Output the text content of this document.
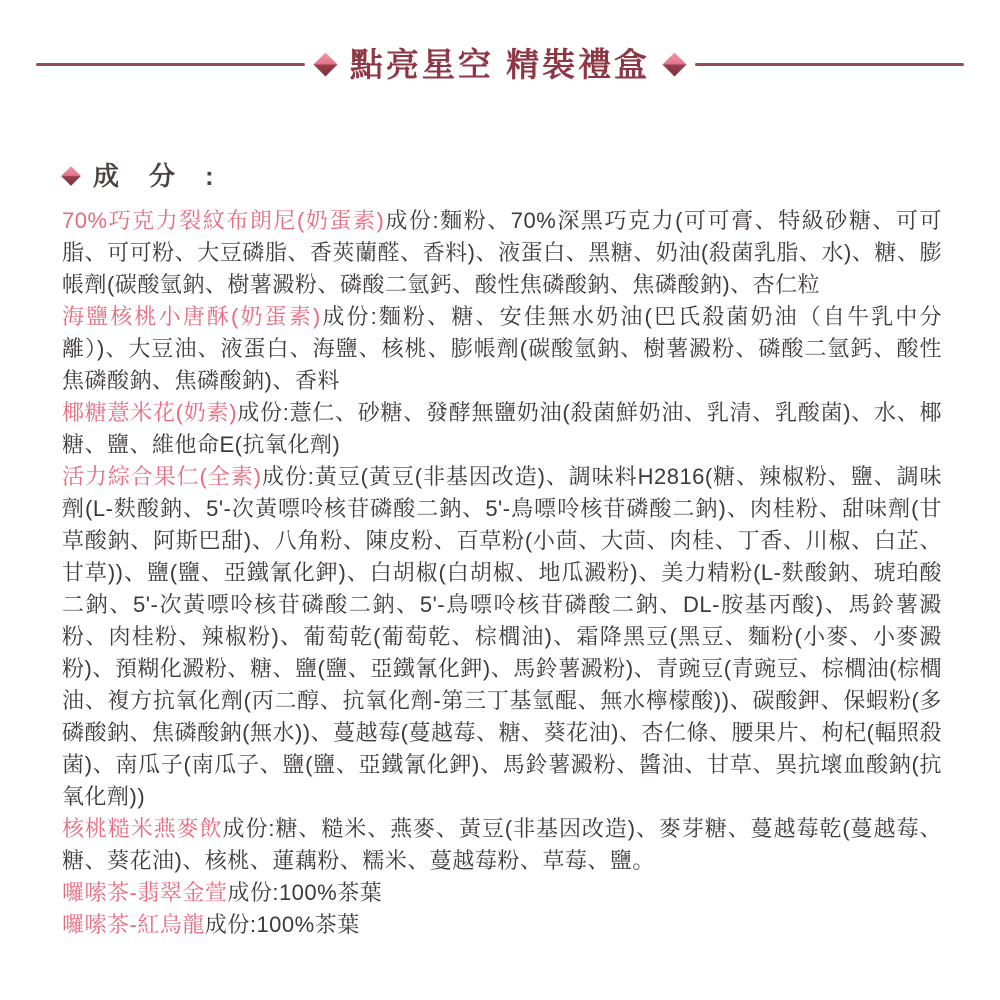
點亮星空 精裝禮盒
成　分　:

70%巧克力裂紋布朗尼(奶蛋素)成份:麵粉、70%深黑巧克力(可可膏、特級砂糖、可可脂、可可粉、大豆磷脂、香莢蘭醛、香料)、液蛋白、黑糖、奶油(殺菌乳脂、水)、糖、膨帳劑(碳酸氫鈉、樹薯澱粉、磷酸二氫鈣、酸性焦磷酸鈉、焦磷酸鈉)、杏仁粒

海鹽核桃小唐酥(奶蛋素)成份:麵粉、糖、安佳無水奶油(巴氏殺菌奶油（自牛乳中分離）)、大豆油、液蛋白、海鹽、核桃、膨帳劑(碳酸氫鈉、樹薯澱粉、磷酸二氫鈣、酸性焦磷酸鈉、焦磷酸鈉)、香料

椰糖薏米花(奶素)成份:薏仁、砂糖、發酵無鹽奶油(殺菌鮮奶油、乳清、乳酸菌)、水、椰糖、鹽、維他命E(抗氧化劑)

活力綜合果仁(全素)成份:黃豆(黃豆(非基因改造)、調味料H2816(糖、辣椒粉、鹽、調味劑(L-麩酸鈉、5'-次黃嘌呤核苷磷酸二鈉、5'-鳥嘌呤核苷磷酸二鈉)、肉桂粉、甜味劑(甘草酸鈉、阿斯巴甜)、八角粉、陳皮粉、百草粉(小茴、大茴、肉桂、丁香、川椒、白芷、甘草))、鹽(鹽、亞鐵氰化鉀)、白胡椒(白胡椒、地瓜澱粉)、美力精粉(L-麩酸鈉、琥珀酸二鈉、5'-次黃嘌呤核苷磷酸二鈉、5'-鳥嘌呤核苷磷酸二鈉、DL-胺基丙酸)、馬鈴薯澱粉、肉桂粉、辣椒粉)、葡萄乾(葡萄乾、棕櫚油)、霜降黑豆(黑豆、麵粉(小麥、小麥澱粉)、預糊化澱粉、糖、鹽(鹽、亞鐵氰化鉀)、馬鈴薯澱粉)、青豌豆(青豌豆、棕櫚油(棕櫚油、複方抗氧化劑(丙二醇、抗氧化劑-第三丁基氫醌、無水檸檬酸))、碳酸鉀、保蝦粉(多磷酸鈉、焦磷酸鈉(無水))、蔓越莓(蔓越莓、糖、葵花油)、杏仁條、腰果片、枸杞(輻照殺菌)、南瓜子(南瓜子、鹽(鹽、亞鐵氰化鉀)、馬鈴薯澱粉、醬油、甘草、異抗壞血酸鈉(抗氧化劑))

核桃糙米燕麥飲成份:糖、糙米、燕麥、黃豆(非基因改造)、麥芽糖、蔓越莓乾(蔓越莓、糖、葵花油)、核桃、蓮藕粉、糯米、蔓越莓粉、草莓、鹽。

囉嗦茶-翡翠金萱成份:100%茶葉

囉嗦茶-紅烏龍成份:100%茶葉
